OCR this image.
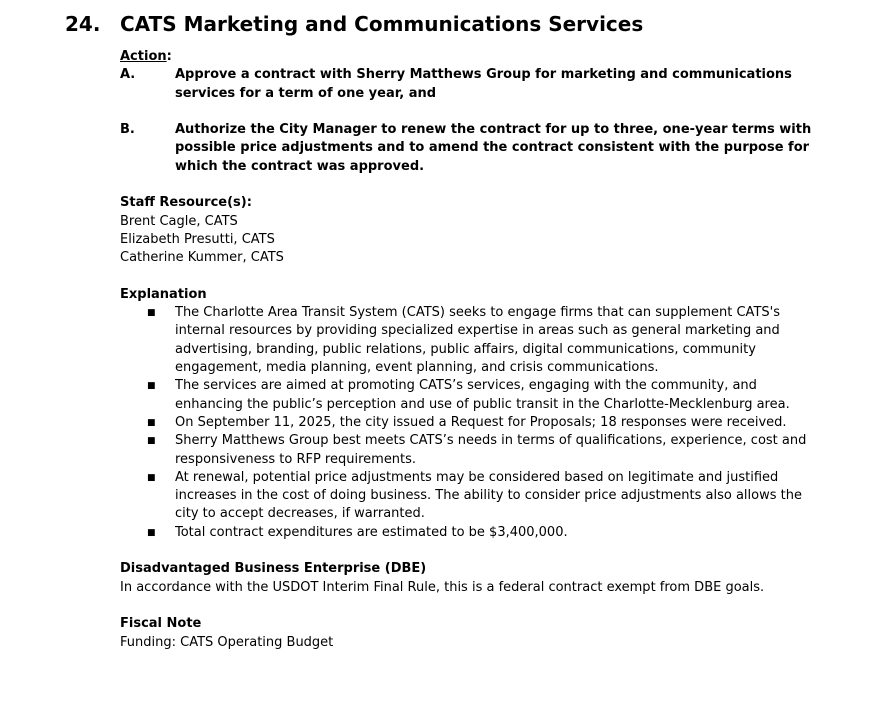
24. CATS Marketing and Communications Services
Action:
A.	Approve a contract with Sherry Matthews Group for marketing and communications services for a term of one year, and
B.	Authorize the City Manager to renew the contract for up to three, one-year terms with possible price adjustments and to amend the contract consistent with the purpose for which the contract was approved.
Staff Resource(s):
Brent Cagle, CATS
Elizabeth Presutti, CATS
Catherine Kummer, CATS
Explanation
■	The Charlotte Area Transit System (CATS) seeks to engage firms that can supplement CATS's internal resources by providing specialized expertise in areas such as general marketing and advertising, branding, public relations, public affairs, digital communications, community engagement, media planning, event planning, and crisis communications.
■	The services are aimed at promoting CATS’s services, engaging with the community, and enhancing the public’s perception and use of public transit in the Charlotte-Mecklenburg area.
■	On September 11, 2025, the city issued a Request for Proposals; 18 responses were received.
■	Sherry Matthews Group best meets CATS’s needs in terms of qualifications, experience, cost and responsiveness to RFP requirements.
■	At renewal, potential price adjustments may be considered based on legitimate and justified increases in the cost of doing business. The ability to consider price adjustments also allows the city to accept decreases, if warranted.
■	Total contract expenditures are estimated to be $3,400,000.
Disadvantaged Business Enterprise (DBE)
In accordance with the USDOT Interim Final Rule, this is a federal contract exempt from DBE goals.
Fiscal Note
Funding: CATS Operating Budget
